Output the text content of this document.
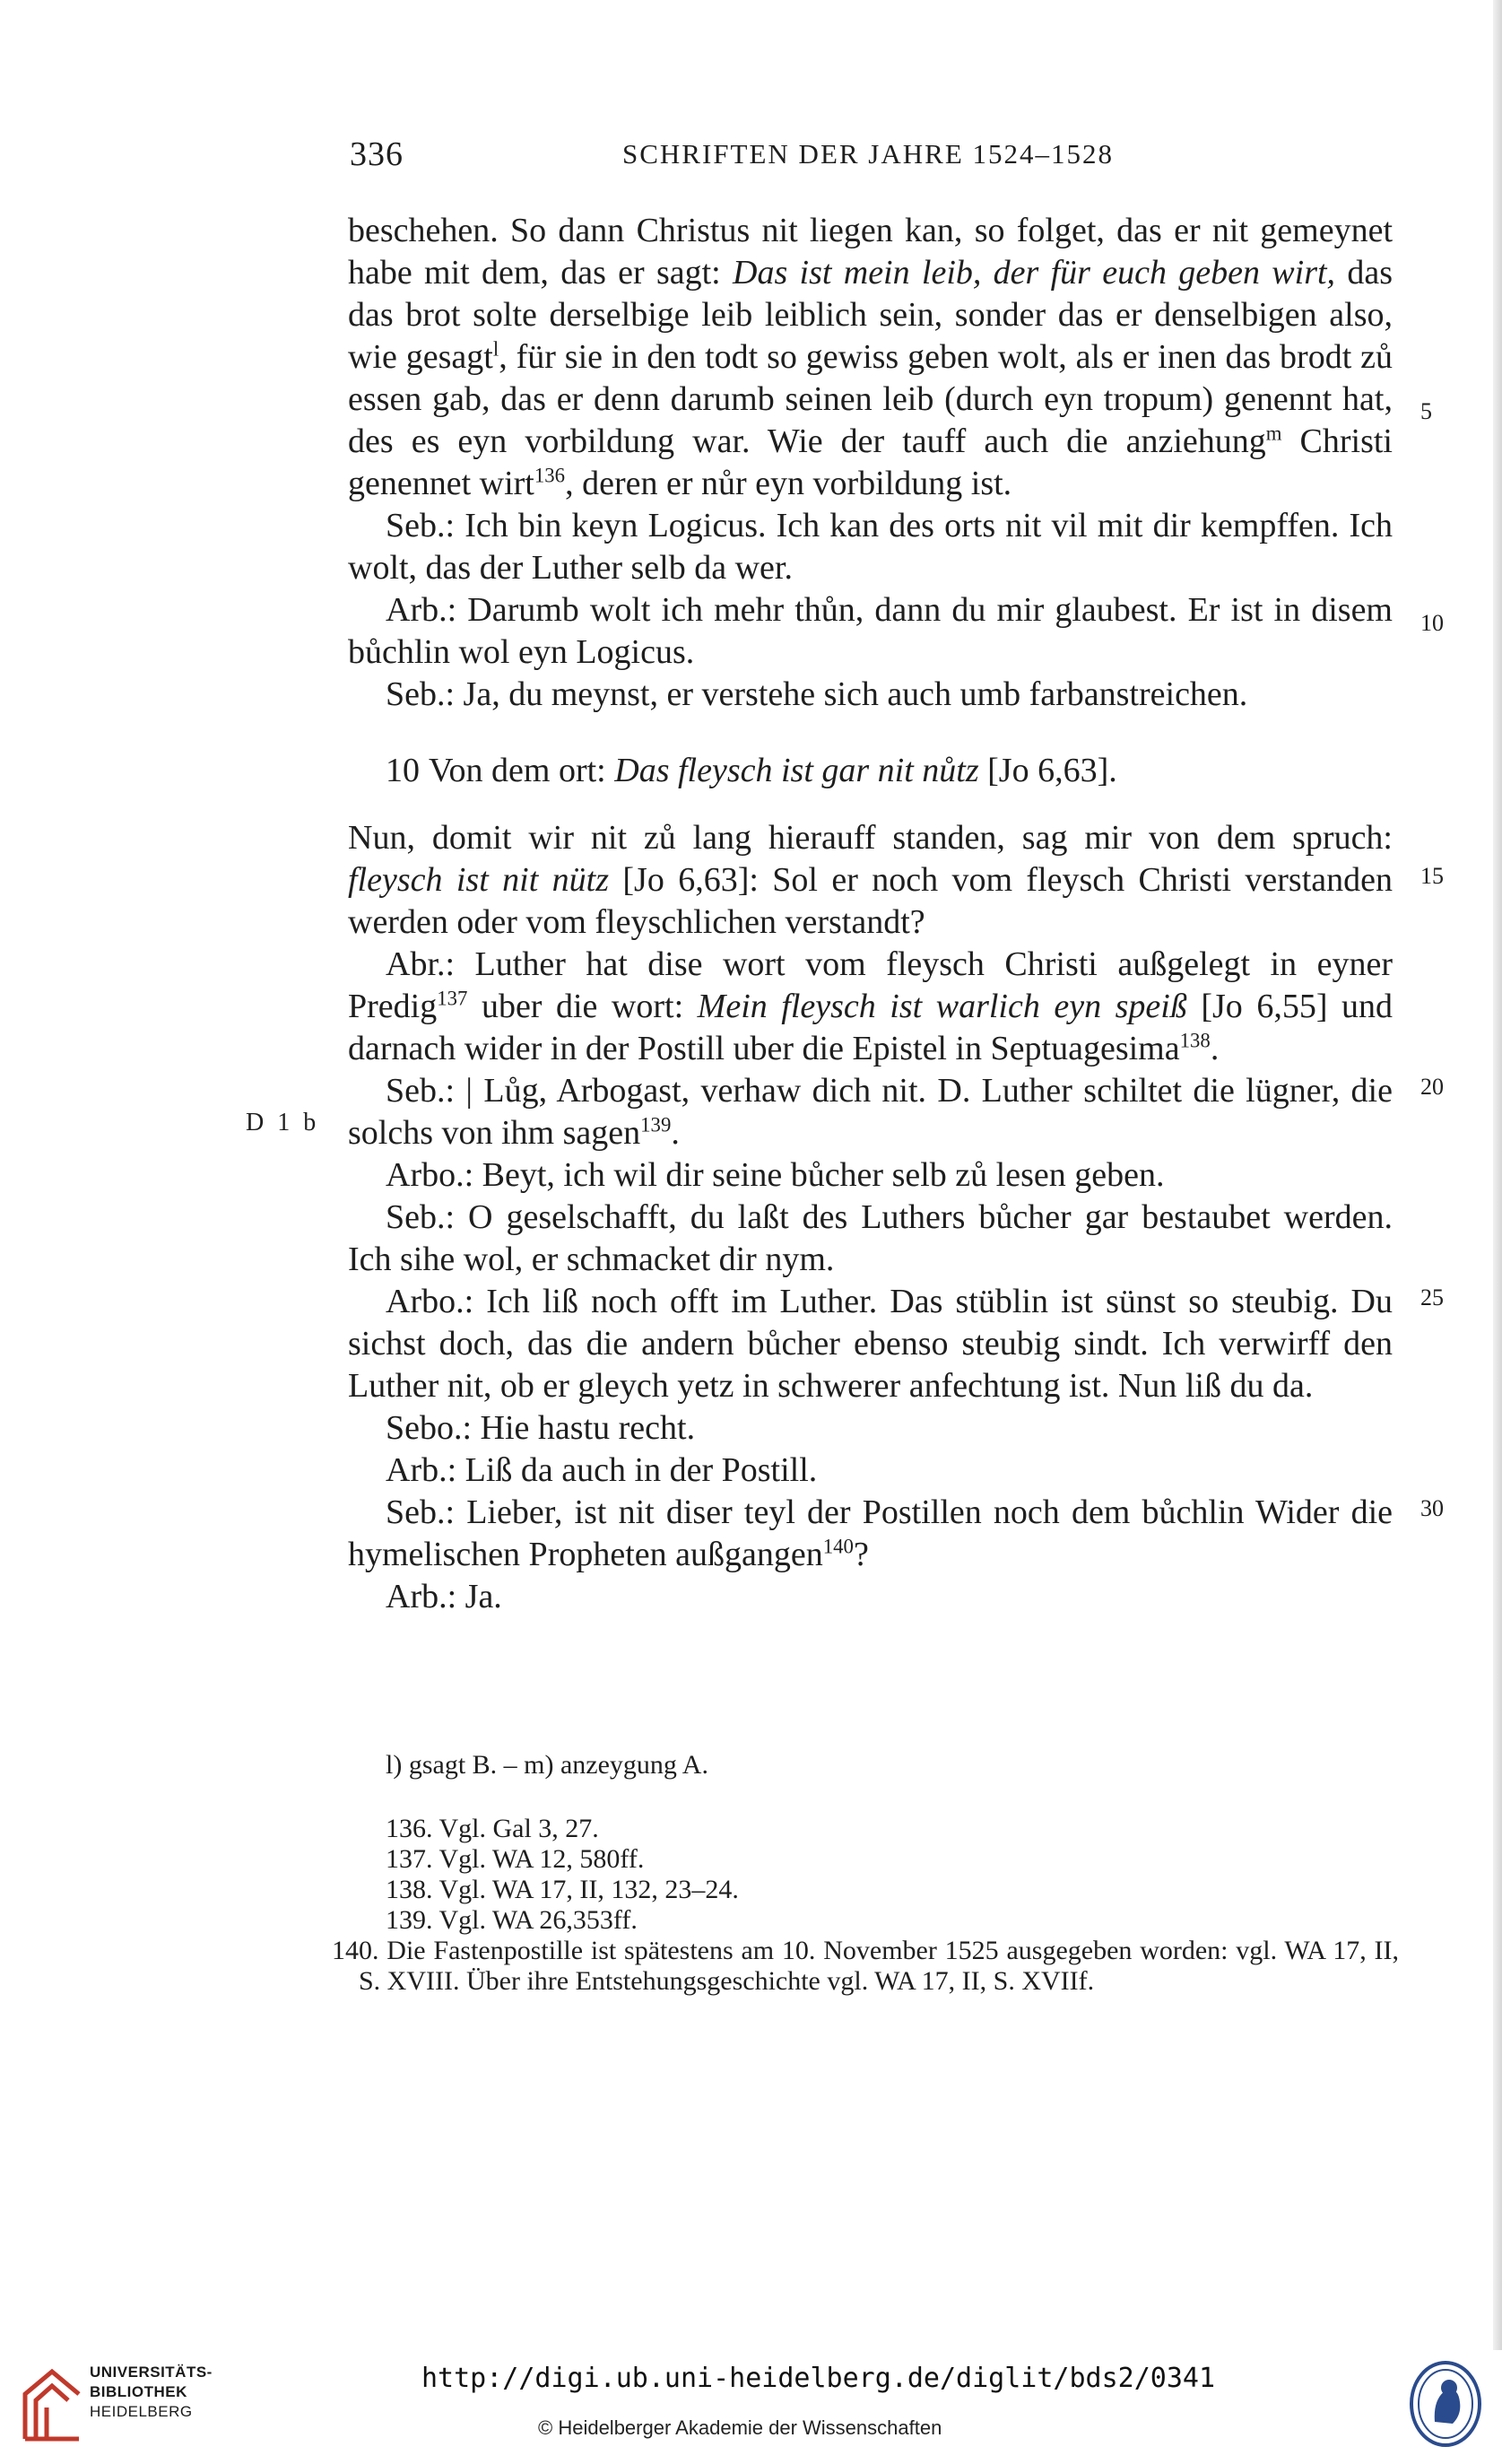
336	SCHRIFTEN DER JAHRE 1524–1528

beschehen. So dann Christus nit liegen kan, so folget, das er nit gemeynet habe mit dem, das er sagt: Das ist mein leib, der für euch geben wirt, das das brot solte derselbige leib leiblich sein, sonder das er denselbigen also, wie gesagt$^l$, für sie in den todt so gewiss geben wolt, als er inen das brodt zů essen gab, das er denn darumb seinen leib (durch eyn tropum) genennt hat, des es eyn vorbildung war. Wie der tauff auch die anziehung$^m$ Christi genennet wirt$^{136}$, deren er nůr eyn vorbildung ist.

Seb.: Ich bin keyn Logicus. Ich kan des orts nit vil mit dir kempffen. Ich wolt, das der Luther selb da wer.

Arb.: Darumb wolt ich mehr thůn, dann du mir glaubest. Er ist in disem bůchlin wol eyn Logicus.

Seb.: Ja, du meynst, er verstehe sich auch umb farbanstreichen.

10 Von dem ort: Das fleysch ist gar nit nůtz [Jo 6,63].

Nun, domit wir nit zů lang hierauff standen, sag mir von dem spruch: fleysch ist nit nütz [Jo 6,63]: Sol er noch vom fleysch Christi verstanden werden oder vom fleyschlichen verstandt?

Abr.: Luther hat dise wort vom fleysch Christi außgelegt in eyner Predig$^{137}$ uber die wort: Mein fleysch ist warlich eyn speiß [Jo 6,55] und darnach wider in der Postill uber die Epistel in Septuagesima$^{138}$.

Seb.: | Lůg, Arbogast, verhaw dich nit. D. Luther schiltet die lügner, die solchs von ihm sagen$^{139}$.

Arbo.: Beyt, ich wil dir seine bůcher selb zů lesen geben.

Seb.: O geselschafft, du laßt des Luthers bůcher gar bestaubet werden. Ich sihe wol, er schmacket dir nym.

Arbo.: Ich liß noch offt im Luther. Das stüblin ist sünst so steubig. Du sichst doch, das die andern bůcher ebenso steubig sindt. Ich verwirff den Luther nit, ob er gleych yetz in schwerer anfechtung ist. Nun liß du da.

Sebo.: Hie hastu recht.

Arb.: Liß da auch in der Postill.

Seb.: Lieber, ist nit diser teyl der Postillen noch dem bůchlin Wider die hymelischen Propheten außgangen$^{140}$?

Arb.: Ja.

5
10
15
20
25
30
D 1 b

l) gsagt B. – m) anzeygung A.

136. Vgl. Gal 3, 27.

137. Vgl. WA 12, 580ff.

138. Vgl. WA 17, II, 132, 23–24.

139. Vgl. WA 26,353ff.

140. Die Fastenpostille ist spätestens am 10. November 1525 ausgegeben worden: vgl. WA 17, II, S. XVIII. Über ihre Entstehungsgeschichte vgl. WA 17, II, S. XVIIf.

UNIVERSITÄTS-
BIBLIOTHEK
HEIDELBERG
http://digi.ub.uni-heidelberg.de/diglit/bds2/0341
© Heidelberger Akademie der Wissenschaften
